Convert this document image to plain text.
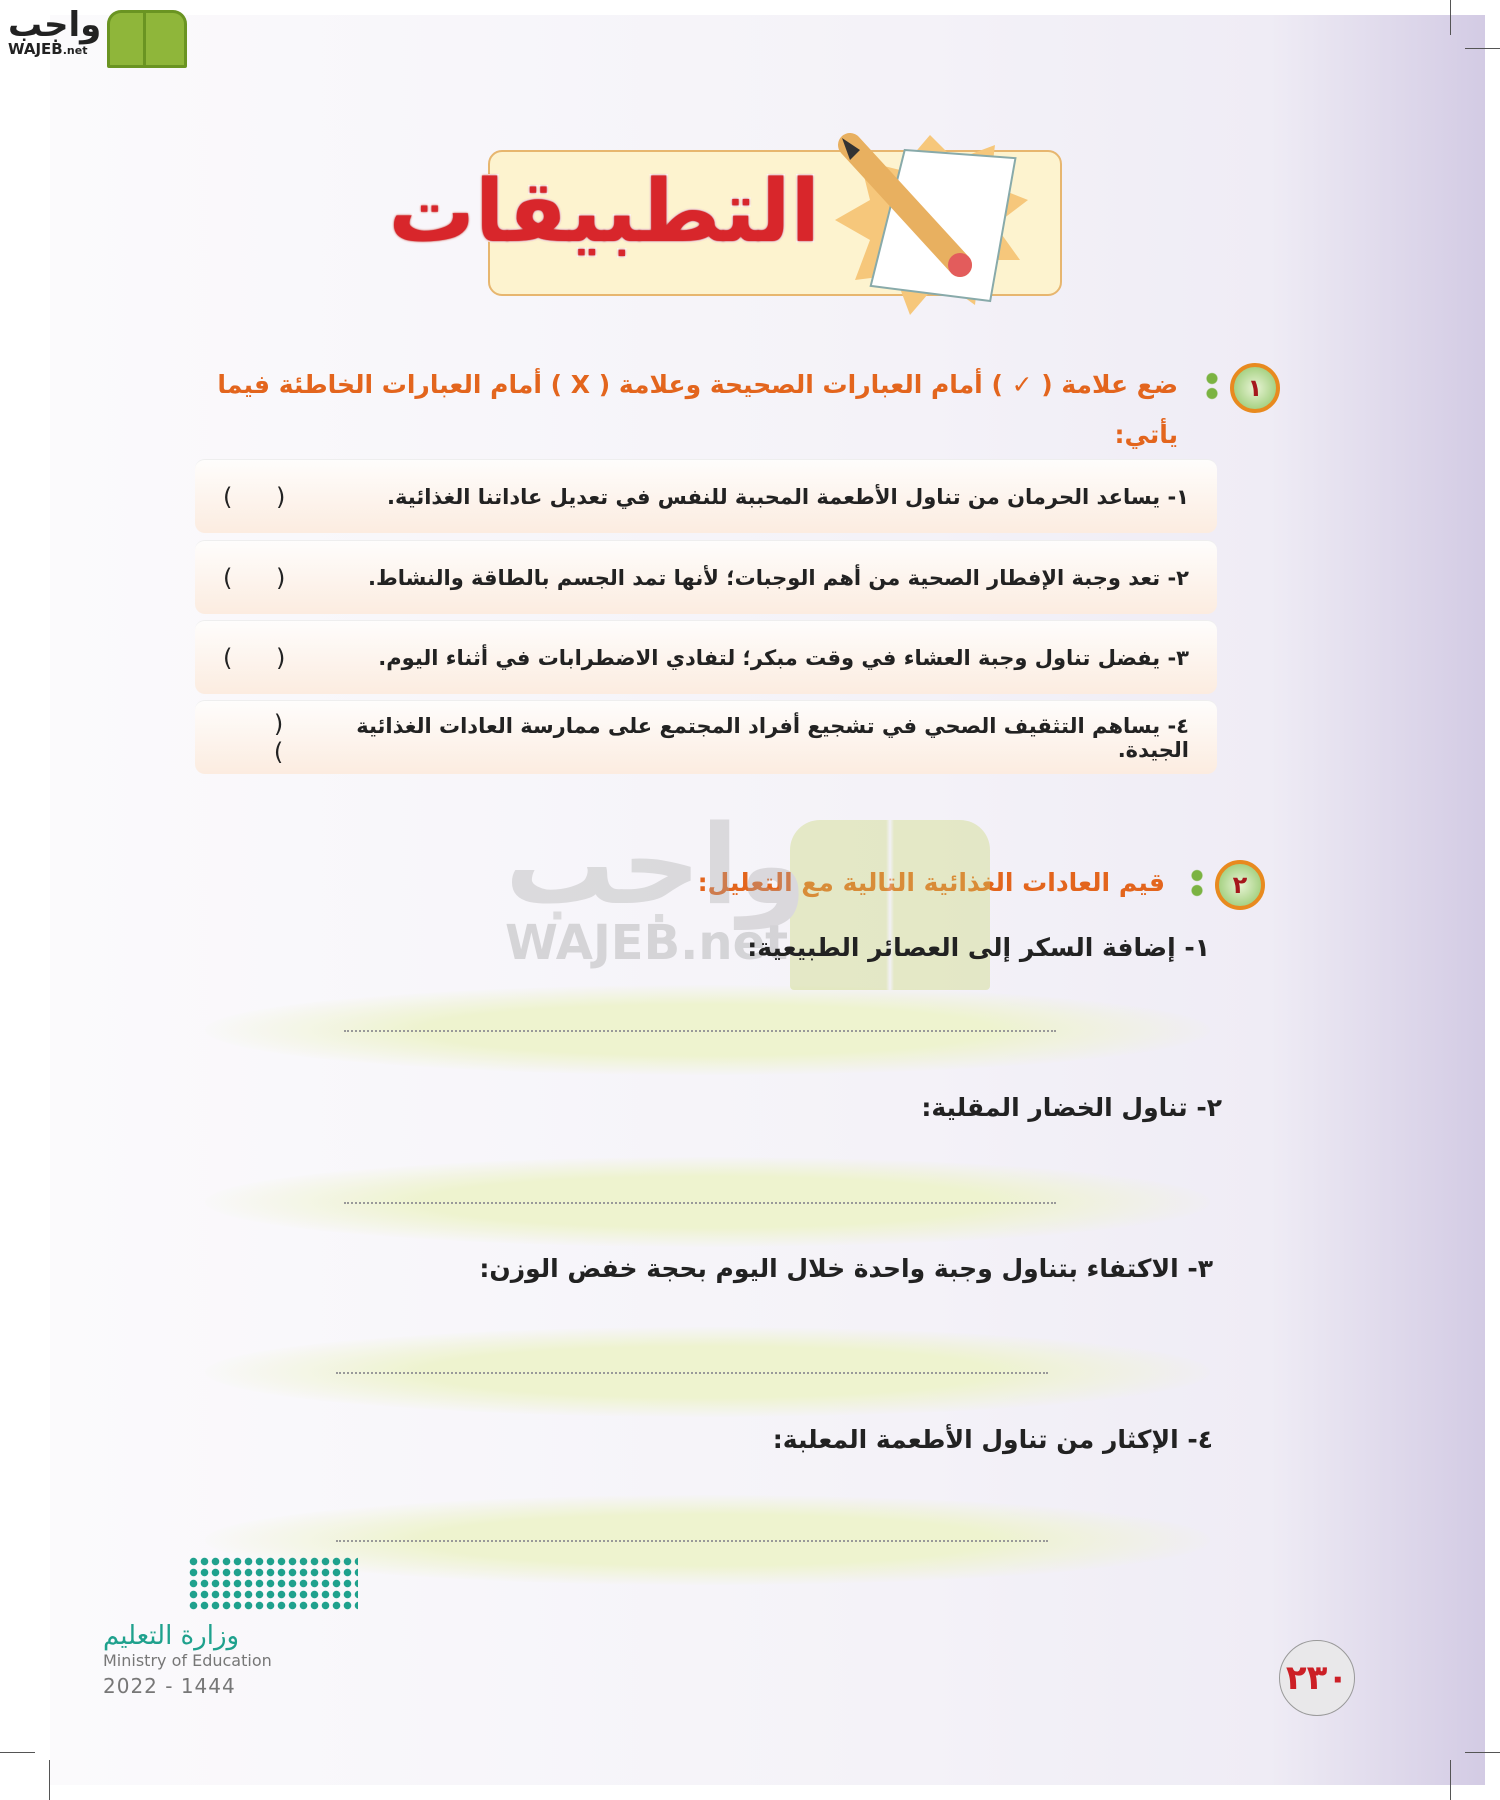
واجب
WAJEB.net
التطبيقات
١
ضع علامة ( ✓ ) أمام العبارات الصحيحة وعلامة ( X ) أمام العبارات الخاطئة فيما يأتي:
١- يساعد الحرمان من تناول الأطعمة المحببة للنفس في تعديل عاداتنا الغذائية.
( )
٢- تعد وجبة الإفطار الصحية من أهم الوجبات؛ لأنها تمد الجسم بالطاقة والنشاط.
( )
٣- يفضل تناول وجبة العشاء في وقت مبكر؛ لتفادي الاضطرابات في أثناء اليوم.
( )
٤- يساهم التثقيف الصحي في تشجيع أفراد المجتمع على ممارسة العادات الغذائية الجيدة.
( )
٢
قيم العادات الغذائية التالية مع التعليل:
واجب
WAJEB.net
١- إضافة السكر إلى العصائر الطبيعية:
٢- تناول الخضار المقلية:
٣- الاكتفاء بتناول وجبة واحدة خلال اليوم بحجة خفض الوزن:
٤- الإكثار من تناول الأطعمة المعلبة:
وزارة التعليم
Ministry of Education
2022 - 1444	٢٣٠
